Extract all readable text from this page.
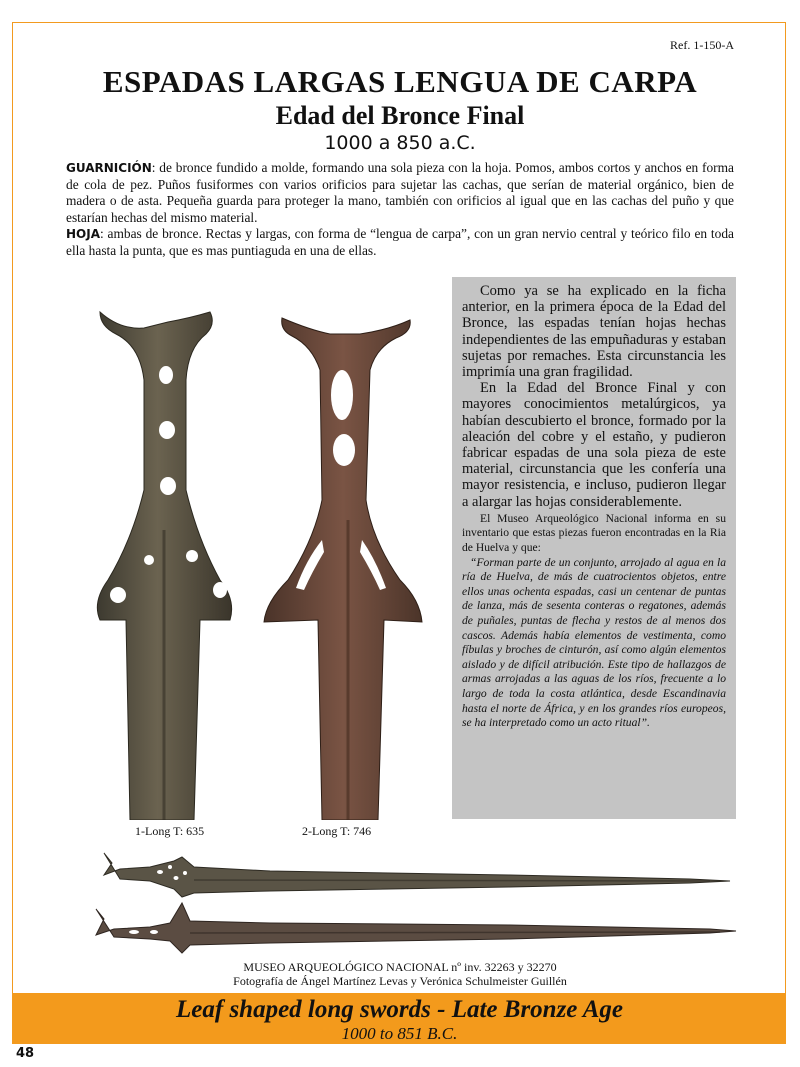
Ref. 1-150-A
ESPADAS LARGAS LENGUA DE CARPA
Edad del Bronce Final
1000 a 850 a.C.

GUARNICIÓN: de bronce fundido a molde, formando una sola pieza con la hoja. Pomos, ambos cortos y anchos en forma de cola de pez. Puños fusiformes con varios orificios para sujetar las cachas, que serían de material orgánico, bien de madera o de asta. Pequeña guarda para proteger la mano, también con orificios al igual que en las cachas del puño y que estarían hechas del mismo material.

HOJA: ambas de bronce. Rectas y largas, con forma de “lengua de carpa”, con un gran nervio central y teórico filo en toda ella hasta la punta, que es mas puntiaguda en una de ellas.

1-Long T: 635	2-Long T: 746

Como ya se ha explicado en la ficha anterior, en la primera época de la Edad del Bronce, las espadas tenían hojas hechas independientes de las empuñaduras y estaban sujetas por remaches. Esta circunstancia les imprimía una gran fragilidad.

En la Edad del Bronce Final y con mayores conocimientos metalúrgicos, ya habían descubierto el bronce, formado por la aleación del cobre y el estaño, y pudieron fabricar espadas de una sola pieza de este material, circunstancia que les confería una mayor resistencia, e incluso, pudieron llegar a alargar las hojas considerablemente.

El Museo Arqueológico Nacional informa en su inventario que estas piezas fueron encontradas en la Ria de Huelva y que:

“Forman parte de un conjunto, arrojado al agua en la ría de Huelva, de más de cuatrocientos objetos, entre ellos unas ochenta espadas, casi un centenar de puntas de lanza, más de sesenta conteras o regatones, además de puñales, puntas de flecha y restos de al menos dos cascos. Además había elementos de vestimenta, como fíbulas y broches de cinturón, así como algún elementos aislado y de difícil atribución. Este tipo de hallazgos de armas arrojadas a las aguas de los ríos, frecuente a lo largo de toda la costa atlántica, desde Escandinavia hasta el norte de África, y en los grandes ríos europeos, se ha interpretado como un acto ritual”.

MUSEO ARQUEOLÓGICO NACIONAL nº inv. 32263 y 32270
Fotografía de Ángel Martínez Levas y Verónica Schulmeister Guillén
Leaf shaped long swords - Late Bronze Age
1000 to 851 B.C.
48
